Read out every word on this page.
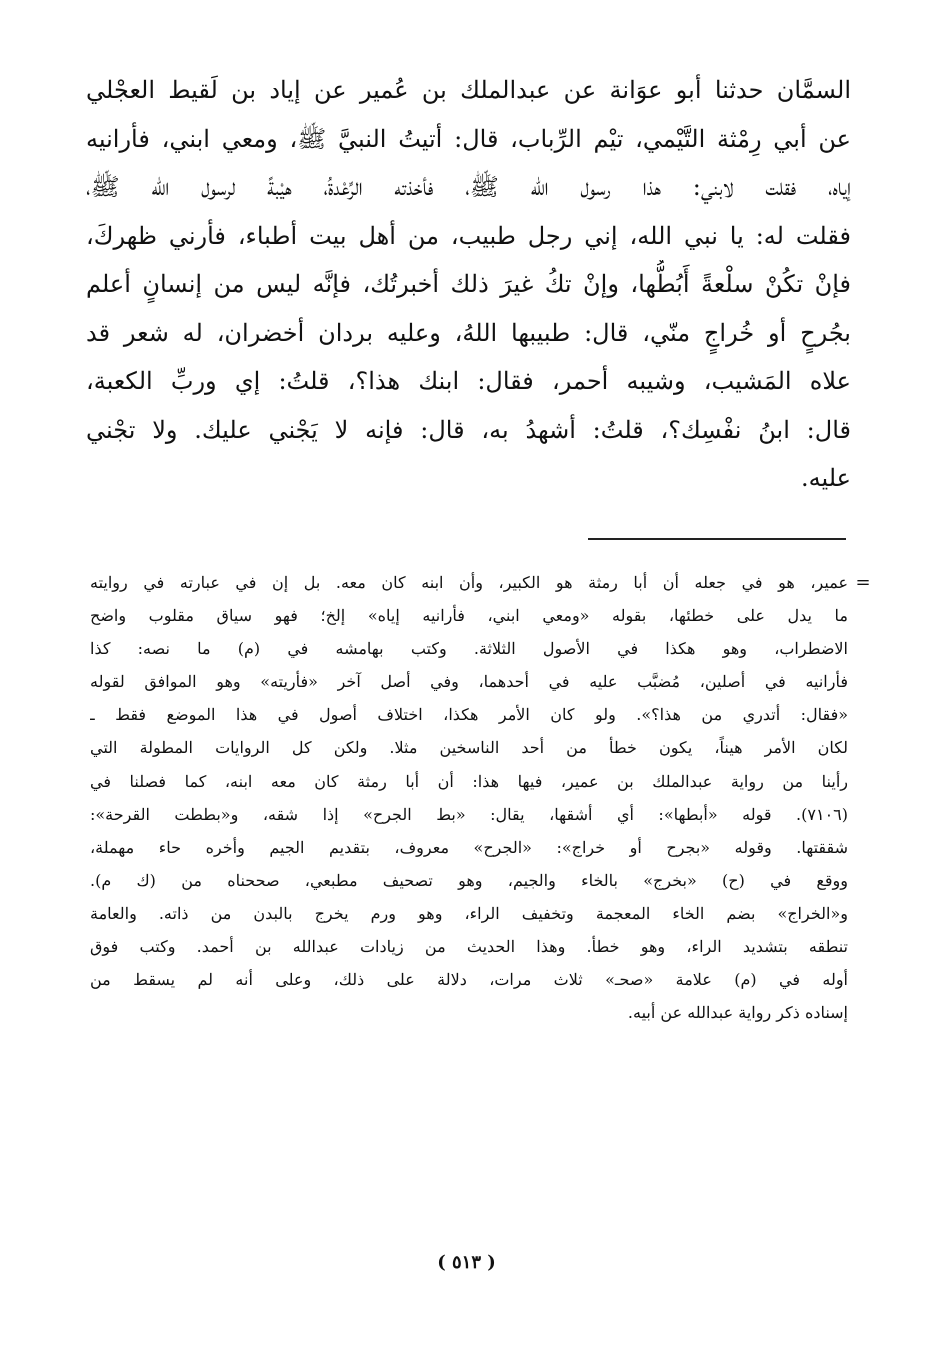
السمَّان حدثنا أبو عوَانة عن عبدالملك بن عُمير عن إياد بن لَقيط العجْلي
عن أبي رِمْثة التَّيْمي، تيْم الرِّباب، قال: أتيتُ النبيَّ ﷺ، ومعي ابني، فأرانيه
إياه، فقلت لابني: هذا رسول الله ﷺ، فأخذته الرِّعْدةُ، هيْبةً لرسول الله ﷺ،
فقلت له: يا نبي الله، إني رجل طبيب، من أهل بيت أطباء، فأرني ظهركَ،
فإنْ تكُنْ سلْعةً أَبُطُّها، وإنْ تكُ غيرَ ذلك أخبرتُك، فإنَّه ليس من إنسانٍ أعلم
بجُرحٍ أو خُراجٍ منّي، قال: طبيبها اللهُ، وعليه بردان أخضران، له شعر قد
علاه المَشيب، وشيبه أحمر، فقال: ابنك هذا؟، قلتُ: إي وربِّ الكعبة،
قال: ابنُ نفْسِك؟، قلتُ: أشهدُ به، قال: فإنه لا يَجْني عليك. ولا تجْني
عليه.
=
عمير، هو في جعله أن أبا رمثة هو الكبير، وأن ابنه كان معه. بل إن في عبارته في روايته
ما يدل على خطئها، بقوله «ومعي ابني، فأرانيه إياه» إلخ؛ فهو سياق مقلوب واضح
الاضطراب، وهو هكذا في الأصول الثلاثة. وكتب بهامشه في (م) ما نصه: كذا
فأرانيه في أصلين، مُضبَّب عليه في أحدهما، وفي أصل آخر «فأريته» وهو الموافق لقوله
«فقال: أتدري من هذا؟». ولو كان الأمر هكذا، اختلاف أصول في هذا الموضع فقط ـ
لكان الأمر هيناً، يكون خطأ من أحد الناسخين مثلا. ولكن كل الروايات المطولة التي
رأينا من رواية عبدالملك بن عمير، فيها هذا: أن أبا رمثة كان معه ابنه، كما فصلنا في
(٧١٠٦). قوله «أبطها»: أي أشقها، يقال: «بط الجرح» إذا شقه، و«بططت القرحة»:
شققتها. وقوله «بجرح أو خراج»: «الجرح» معروف، بتقديم الجيم وأخره حاء مهملة،
ووقع في (ح) «بخرج» بالخاء والجيم، وهو تصحيف مطبعي، صححناه من (ك م).
و«الخراج» بضم الخاء المعجمة وتخفيف الراء، وهو ورم يخرج بالبدن من ذاته. والعامة
تنطقه بتشديد الراء، وهو خطأ. وهذا الحديث من زيادات عبدالله بن أحمد. وكتب فوق
أوله في (م) علامة «صحـ» ثلاث مرات، دلالة على ذلك، وعلى أنه لم يسقط من
إسناده ذكر رواية عبدالله عن أبيه.
( ٥١٣ )
